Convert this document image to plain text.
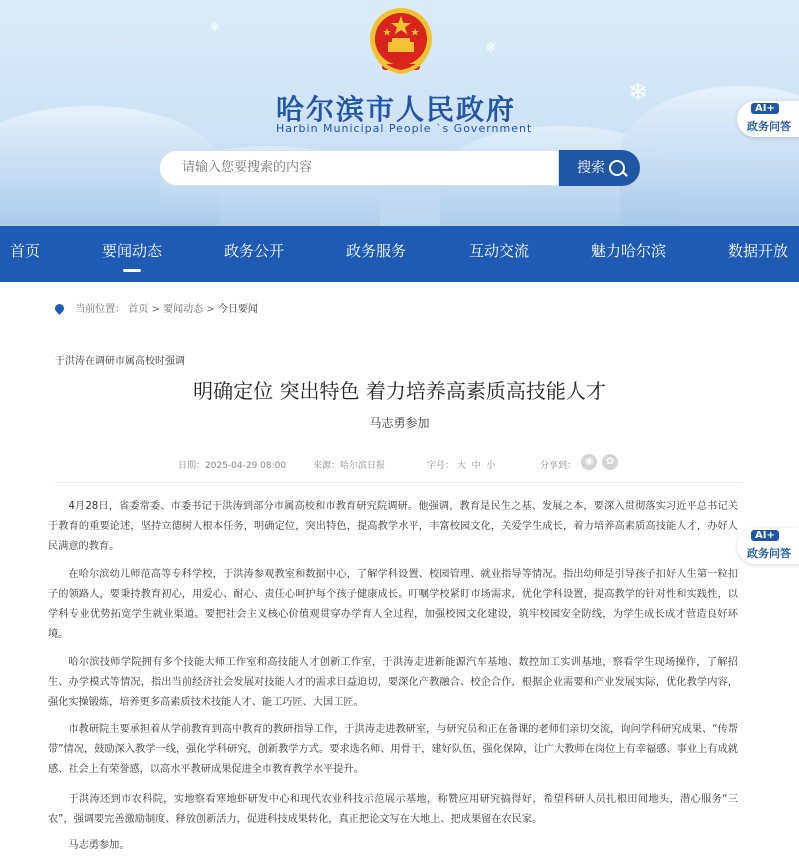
❄
❄
❄
哈尔滨市人民政府
Harbin Municipal People `s Government
请输入您要搜索的内容
搜索
AI+
政务问答
首页	要闻动态	政务公开	政务服务	互动交流	魅力哈尔滨	数据开放
当前位置： 首页 > 要闻动态 > 今日要闻
于洪涛在调研市属高校时强调
明确定位 突出特色 着力培养高素质高技能人才
马志勇参加
日期：2025-04-29 08:00	来源：哈尔滨日报	字号： 大 中 小	分享到： ◉	✿
4月28日，省委常委、市委书记于洪涛到部分市属高校和市教育研究院调研。他强调，教育是民生之基、发展之本，要深入贯彻落实习近平总书记关于教育的重要论述，坚持立德树人根本任务，明确定位，突出特色，提高教学水平，丰富校园文化，关爱学生成长，着力培养高素质高技能人才，办好人民满意的教育。
在哈尔滨幼儿师范高等专科学校，于洪涛参观教室和数据中心，了解学科设置、校园管理、就业指导等情况。指出幼师是引导孩子扣好人生第一粒扣子的领路人，要秉持教育初心，用爱心、耐心、责任心呵护每个孩子健康成长。叮嘱学校紧盯市场需求，优化学科设置，提高教学的针对性和实践性，以学科专业优势拓宽学生就业渠道。要把社会主义核心价值观贯穿办学育人全过程，加强校园文化建设，筑牢校园安全防线，为学生成长成才营造良好环境。
哈尔滨技师学院拥有多个技能大师工作室和高技能人才创新工作室，于洪涛走进新能源汽车基地、数控加工实训基地，察看学生现场操作，了解招生、办学模式等情况，指出当前经济社会发展对技能人才的需求日益迫切，要深化产教融合、校企合作，根据企业需要和产业发展实际，优化教学内容，强化实操锻炼，培养更多高素质技术技能人才、能工巧匠、大国工匠。
市教研院主要承担着从学前教育到高中教育的教研指导工作，于洪涛走进教研室，与研究员和正在备课的老师们亲切交流，询问学科研究成果、“传帮带”情况，鼓励深入教学一线，强化学科研究，创新教学方式。要求选名师、用骨干，建好队伍，强化保障，让广大教师在岗位上有幸福感、事业上有成就感、社会上有荣誉感，以高水平教研成果促进全市教育教学水平提升。
于洪涛还到市农科院，实地察看寒地虾研发中心和现代农业科技示范展示基地，称赞应用研究搞得好，希望科研人员扎根田间地头，潜心服务“三农”，强调要完善激励制度、释放创新活力，促进科技成果转化，真正把论文写在大地上、把成果留在农民家。
马志勇参加。
AI+
政务问答
